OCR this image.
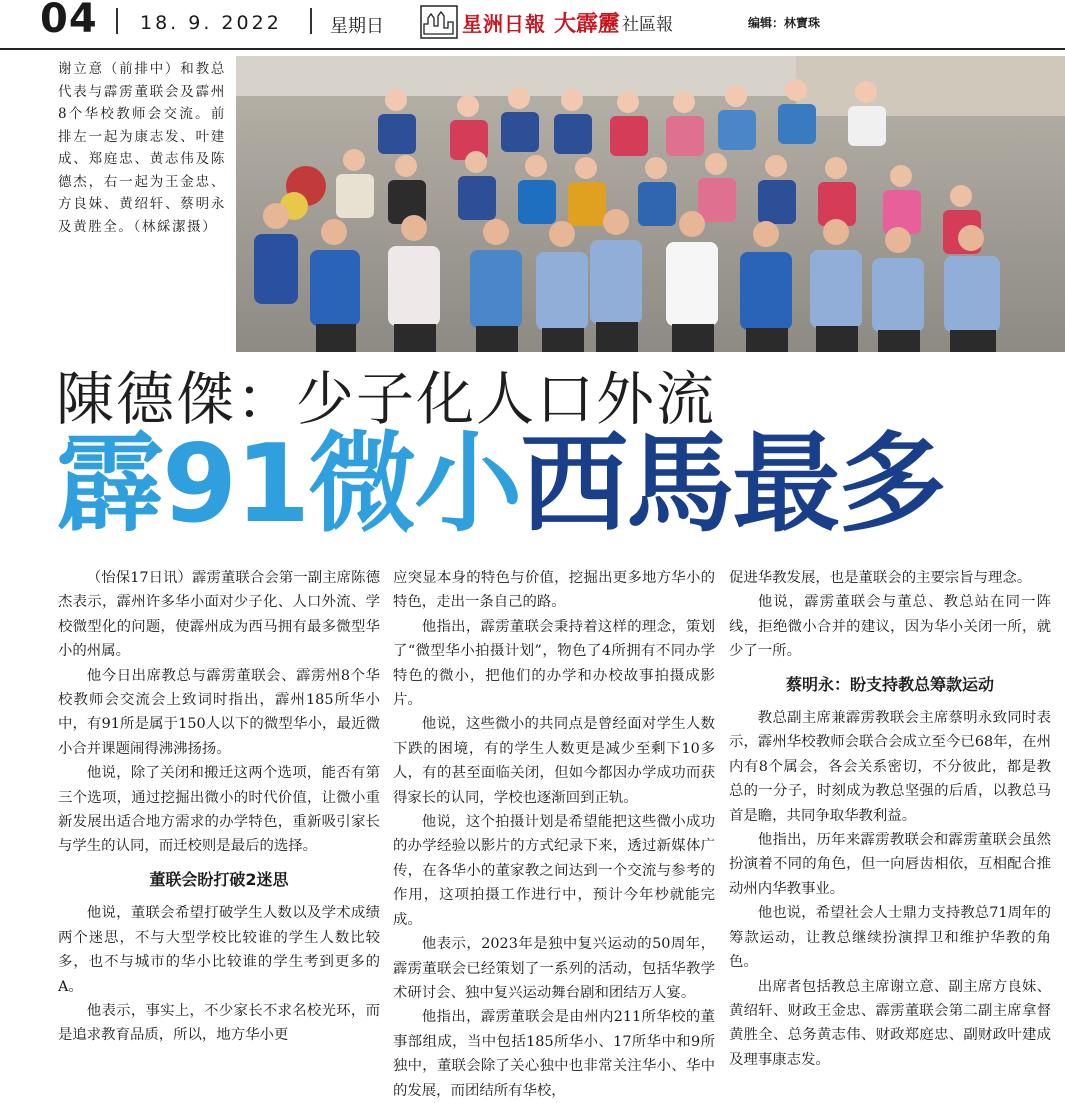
04 18. 9. 2022	星期日	星洲日報 大霹靂 社區報	编辑：林寶珠
谢立意（前排中）和教总代表与霹雳董联会及霹州8个华校教师会交流。前排左一起为康志发、叶建成、郑庭忠、黄志伟及陈德杰，右一起为王金忠、方良妹、黄绍轩、蔡明永及黄胜全。（林綵潔摄）
陳德傑：少子化人口外流
霹91微小西馬最多

（怡保17日讯）霹雳董联合会第一副主席陈德杰表示，霹州许多华小面对少子化、人口外流、学校微型化的问题，使霹州成为西马拥有最多微型华小的州属。

他今日出席教总与霹雳董联会、霹雳州8个华校教师会交流会上致词时指出，霹州185所华小中，有91所是属于150人以下的微型华小，最近微小合并课题闹得沸沸扬扬。

他说，除了关闭和搬迁这两个选项，能否有第三个选项，通过挖掘出微小的时代价值，让微小重新发展出适合地方需求的办学特色，重新吸引家长与学生的认同，而迁校则是最后的选择。

董联会盼打破2迷思

他说，董联会希望打破学生人数以及学术成绩两个迷思，不与大型学校比较谁的学生人数比较多，也不与城市的华小比较谁的学生考到更多的A。

他表示，事实上，不少家长不求名校光环，而是追求教育品质，所以，地方华小更

应突显本身的特色与价值，挖掘出更多地方华小的特色，走出一条自己的路。

他指出，霹雳董联会秉持着这样的理念，策划了“微型华小拍摄计划”，物色了4所拥有不同办学特色的微小，把他们的办学和办校故事拍摄成影片。

他说，这些微小的共同点是曾经面对学生人数下跌的困境，有的学生人数更是减少至剩下10多人，有的甚至面临关闭，但如今都因办学成功而获得家长的认同，学校也逐渐回到正轨。

他说，这个拍摄计划是希望能把这些微小成功的办学经验以影片的方式纪录下来，透过新媒体广传，在各华小的董家教之间达到一个交流与参考的作用，这项拍摄工作进行中，预计今年杪就能完成。

他表示，2023年是独中复兴运动的50周年，霹雳董联会已经策划了一系列的活动，包括华教学术研讨会、独中复兴运动舞台剧和团结万人宴。

他指出，霹雳董联会是由州内211所华校的董事部组成，当中包括185所华小、17所华中和9所独中，董联会除了关心独中也非常关注华小、华中的发展，而团结所有华校，

促进华教发展，也是董联会的主要宗旨与理念。

他说，霹雳董联会与董总、教总站在同一阵线，拒绝微小合并的建议，因为华小关闭一所，就少了一所。

蔡明永：盼支持教总筹款运动

教总副主席兼霹雳教联会主席蔡明永致同时表示，霹州华校教师会联合会成立至今已68年，在州内有8个属会，各会关系密切，不分彼此，都是教总的一分子，时刻成为教总坚强的后盾，以教总马首是瞻，共同争取华教利益。

他指出，历年来霹雳教联会和霹雳董联会虽然扮演着不同的角色，但一向唇齿相依，互相配合推动州内华教事业。

他也说，希望社会人士鼎力支持教总71周年的筹款运动，让教总继续扮演捍卫和维护华教的角色。

出席者包括教总主席谢立意、副主席方良妹、黄绍轩、财政王金忠、霹雳董联会第二副主席拿督黄胜全、总务黄志伟、财政郑庭忠、副财政叶建成及理事康志发。
